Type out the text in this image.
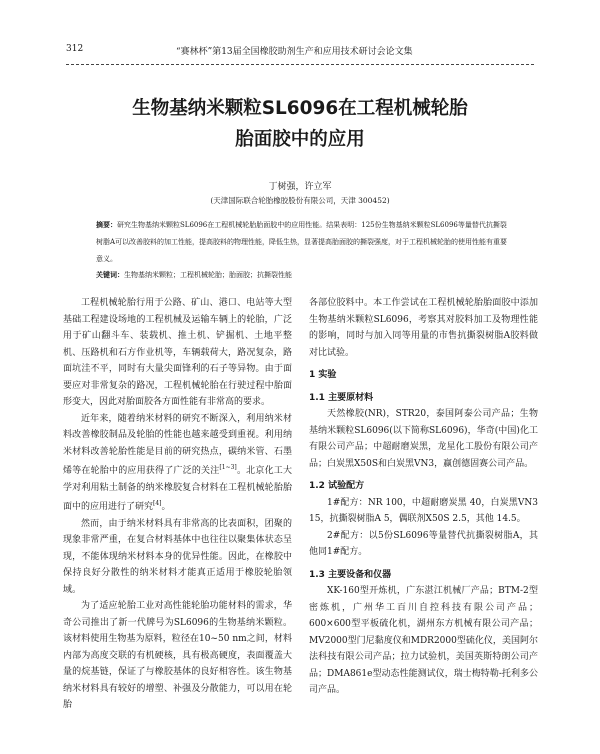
312	“赛林杯”第13届全国橡胶助剂生产和应用技术研讨会论文集
生物基纳米颗粒SL6096在工程机械轮胎
胎面胶中的应用
丁树强，许立军
(天津国际联合轮胎橡胶股份有限公司，天津 300452)
摘要：研究生物基纳米颗粒SL6096在工程机械轮胎胎面胶中的应用性能。结果表明：125份生物基纳米颗粒SL6096等量替代抗撕裂树脂A可以改善胶料的加工性能，提高胶料的物理性能，降低生热，显著提高胎面胶的撕裂强度，对于工程机械轮胎的使用性能有重要意义。
关键词：生物基纳米颗粒；工程机械轮胎；胎面胶；抗撕裂性能

工程机械轮胎行用于公路、矿山、港口、电站等大型基础工程建设场地的工程机械及运输车辆上的轮胎，广泛用于矿山翻斗车、装载机、推土机、铲掘机、土地平整机、压路机和石方作业机等，车辆载荷大，路况复杂，路面坑洼不平，同时有大量尖面锋利的石子等异物。由于面要应对非常复杂的路况，工程机械轮胎在行驶过程中胎面形变大，因此对胎面胶各方面性能有非常高的要求。

近年来，随着纳米材料的研究不断深入，利用纳米材料改善橡胶制品及轮胎的性能也越来越受到重视。利用纳米材料改善轮胎性能是目前的研究热点，碳纳米管、石墨烯等在轮胎中的应用获得了广泛的关注[1~3]。北京化工大学对利用粘土制备的纳米橡胶复合材料在工程机械轮胎胎面中的应用进行了研究[4]。

然而，由于纳米材料具有非常高的比表面积，团聚的现象非常严重，在复合材料基体中也往往以聚集体状态呈现，不能体现纳米材料本身的优异性能。因此，在橡胶中保持良好分散性的纳米材料才能真正适用于橡胶轮胎领域。

为了适应轮胎工业对高性能轮胎功能材料的需求，华奇公司推出了新一代牌号为SL6096的生物基纳米颗粒。该材料使用生物基为原料，粒径在10~50 nm之间，材料内部为高度交联的有机硬核，具有极高硬度，表面覆盖大量的烷基链，保证了与橡胶基体的良好相容性。该生物基纳米材料具有较好的增塑、补强及分散能力，可以用在轮胎

各部位胶料中。本工作尝试在工程机械轮胎胎面胶中添加生物基纳米颗粒SL6096，考察其对胶料加工及物理性能的影响，同时与加入同等用量的市售抗撕裂树脂A胶料做对比试验。

1 实验
1.1 主要原材料

天然橡胶(NR)，STR20，泰国阿泰公司产品；生物基纳米颗粒SL6096(以下简称SL6096)，华奇(中国)化工有限公司产品；中超耐磨炭黑，龙星化工股份有限公司产品；白炭黑X50S和白炭黑VN3，赢创德固赛公司产品。

1.2 试验配方

1#配方：NR 100，中超耐磨炭黑 40，白炭黑VN3 15，抗撕裂树脂A 5，偶联剂X50S 2.5，其他 14.5。

2#配方：以5份SL6096等量替代抗撕裂树脂A，其他同1#配方。

1.3 主要设备和仪器

XK-160型开炼机，广东湛江机械厂产品；BTM-2型密炼机，广州华工百川自控科技有限公司产品；600×600型平板硫化机，湖州东方机械有限公司产品；MV2000型门尼黏度仪和MDR2000型硫化仪，美国阿尔法科技有限公司产品；拉力试验机，美国英斯特朗公司产品；DMA861e型动态性能测试仪，瑞士梅特勒-托利多公司产品。
